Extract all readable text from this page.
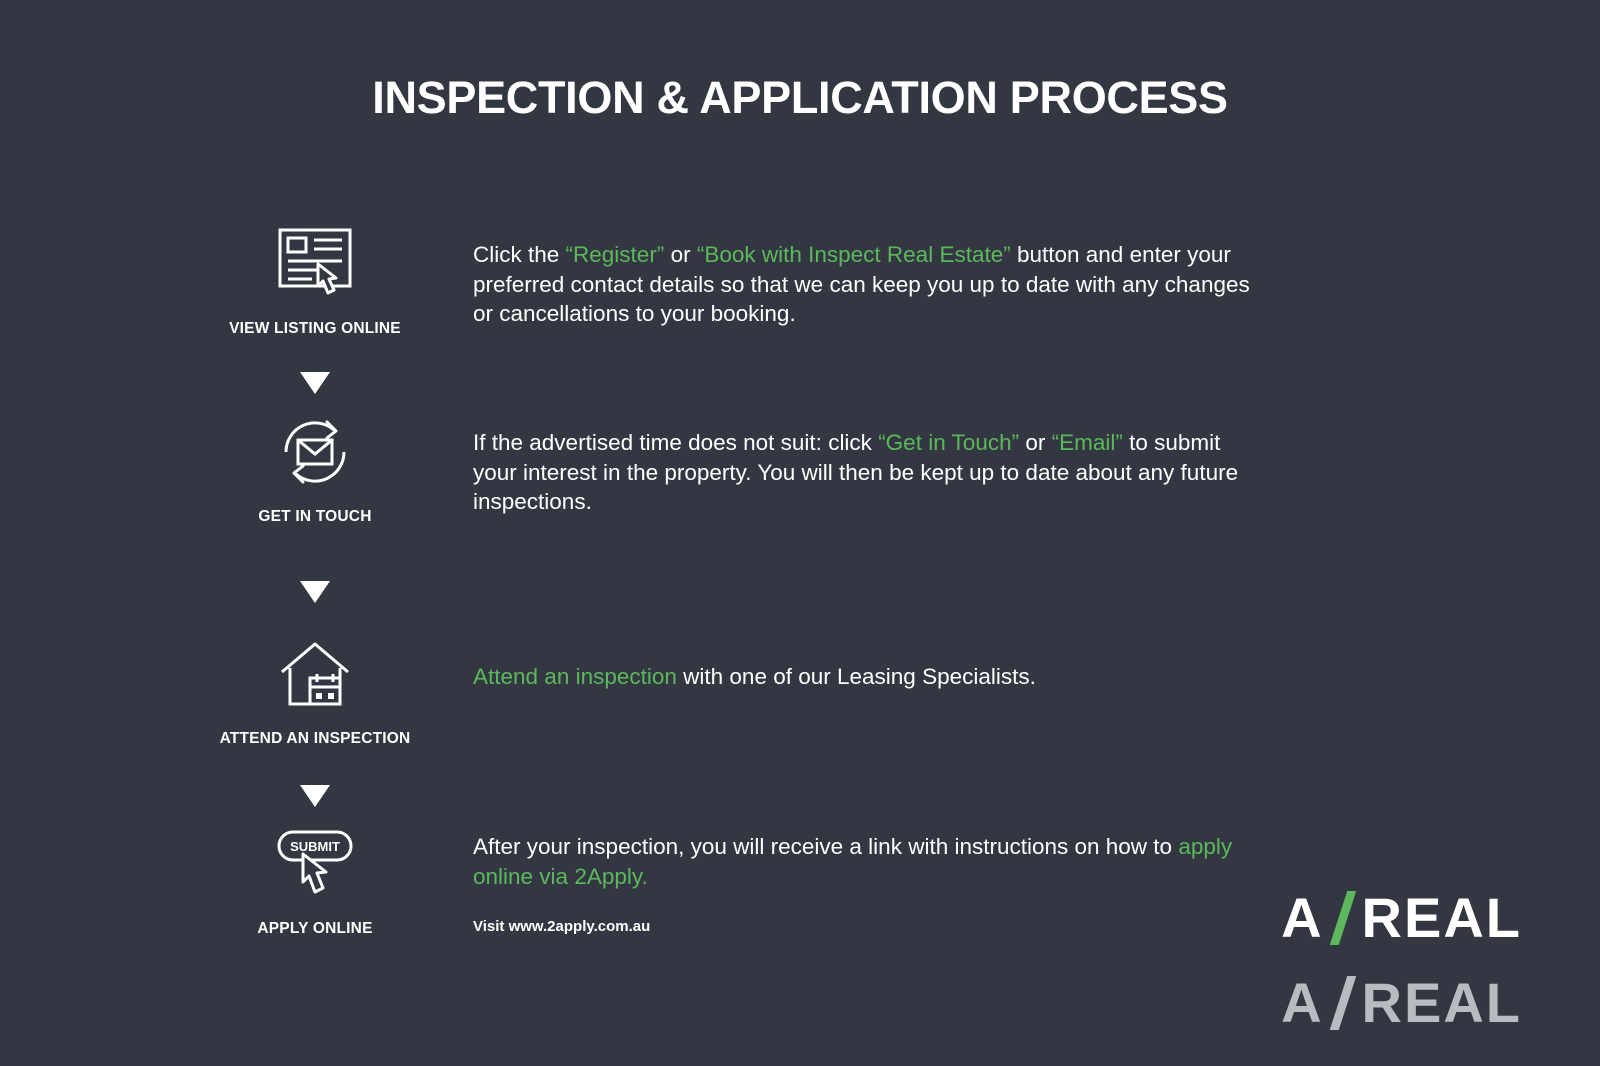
INSPECTION & APPLICATION PROCESS
VIEW LISTING ONLINE
Click the “Register” or “Book with Inspect Real Estate” button and enter your preferred contact details so that we can keep you up to date with any changes or cancellations to your booking.
GET IN TOUCH
If the advertised time does not suit: click “Get in Touch” or “Email” to submit your interest in the property. You will then be kept up to date about any future inspections.
ATTEND AN INSPECTION
Attend an inspection with one of our Leasing Specialists.
SUBMIT
APPLY ONLINE
After your inspection, you will receive a link with instructions on how to apply online via 2Apply.
Visit www.2apply.com.au	A REAL
A REAL
